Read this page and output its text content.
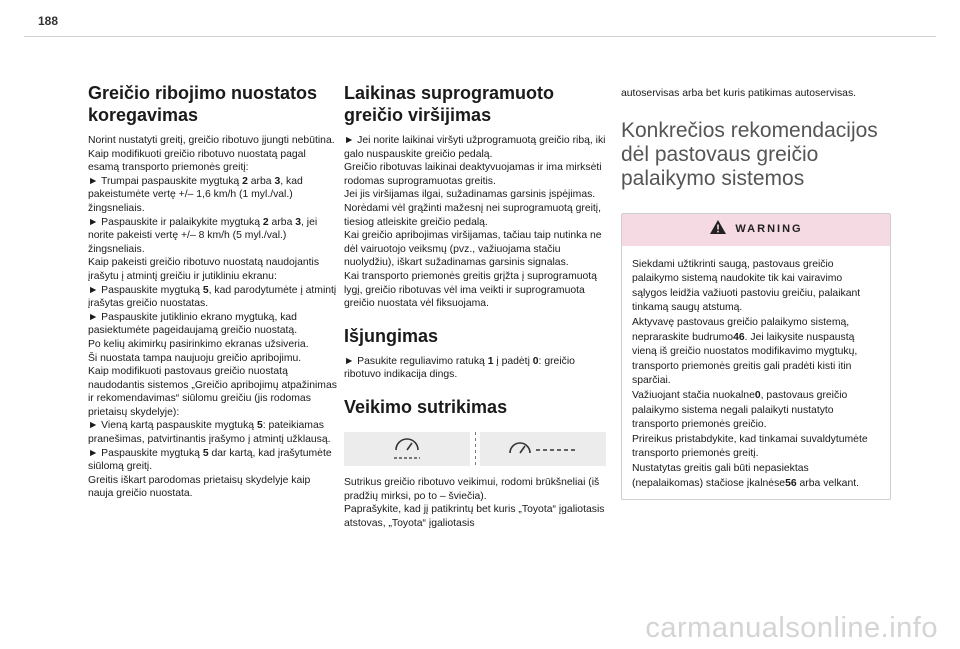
188
Greičio ribojimo nuostatos koregavimas

Norint nustatyti greitį, greičio ribotuvo įjungti nebūtina.

Kaip modifikuoti greičio ribotuvo nuostatą pagal esamą transporto priemonės greitį:

► Trumpai paspauskite mygtuką 2 arba 3, kad pakeistumėte vertę +/– 1,6 km/h (1 myl./val.) žingsneliais.

► Paspauskite ir palaikykite mygtuką 2 arba 3, jei norite pakeisti vertę +/– 8 km/h (5 myl./val.) žingsneliais.

Kaip pakeisti greičio ribotuvo nuostatą naudojantis įrašytu į atmintį greičiu ir jutikliniu ekranu:

► Paspauskite mygtuką 5, kad parodytumėte į atmintį įrašytas greičio nuostatas.

► Paspauskite jutiklinio ekrano mygtuką, kad pasiektumėte pageidaujamą greičio nuostatą.

Po kelių akimirkų pasirinkimo ekranas užsiveria.

Ši nuostata tampa naujuoju greičio apribojimu.

Kaip modifikuoti pastovaus greičio nuostatą naudodantis sistemos „Greičio apribojimų atpažinimas ir rekomendavimas“ siūlomu greičiu (jis rodomas prietaisų skydelyje):

► Vieną kartą paspauskite mygtuką 5: pateikiamas pranešimas, patvirtinantis įrašymo į atmintį užklausą.

► Paspauskite mygtuką 5 dar kartą, kad įrašytumėte siūlomą greitį.

Greitis iškart parodomas prietaisų skydelyje kaip nauja greičio nuostata.

Laikinas suprogramuoto greičio viršijimas

► Jei norite laikinai viršyti užprogramuotą greičio ribą, iki galo nuspauskite greičio pedalą.

Greičio ribotuvas laikinai deaktyvuojamas ir ima mirksėti rodomas suprogramuotas greitis.

Jei jis viršijamas ilgai, sužadinamas garsinis įspėjimas.

Norėdami vėl grąžinti mažesnį nei suprogramuotą greitį, tiesiog atleiskite greičio pedalą.

Kai greičio apribojimas viršijamas, tačiau taip nutinka ne dėl vairuotojo veiksmų (pvz., važiuojama stačiu nuolydžiu), iškart sužadinamas garsinis signalas.

Kai transporto priemonės greitis grįžta į suprogramuotą lygį, greičio ribotuvas vėl ima veikti ir suprogramuota greičio nuostata vėl fiksuojama.

Išjungimas

► Pasukite reguliavimo ratuką 1 į padėtį 0: greičio ribotuvo indikacija dings.

Veikimo sutrikimas

Sutrikus greičio ribotuvo veikimui, rodomi brūkšneliai (iš pradžių mirksi, po to – šviečia).

Paprašykite, kad jį patikrintų bet kuris „Toyota“ įgaliotasis atstovas, „Toyota“ įgaliotasis

autoservisas arba bet kuris patikimas autoservisas.

Konkrečios rekomendacijos dėl pastovaus greičio palaikymo sistemos
WARNING

Siekdami užtikrinti saugą, pastovaus greičio palaikymo sistemą naudokite tik kai vairavimo sąlygos leidžia važiuoti pastoviu greičiu, palaikant tinkamą saugų atstumą.

Aktyvavę pastovaus greičio palaikymo sistemą, nepraraskite budrumo46. Jei laikysite nuspaustą vieną iš greičio nuostatos modifikavimo mygtukų, transporto priemonės greitis gali pradėti kisti itin sparčiai.

Važiuojant stačia nuokalne0, pastovaus greičio palaikymo sistema negali palaikyti nustatyto transporto priemonės greičio.

Prireikus pristabdykite, kad tinkamai suvaldytumėte transporto priemonės greitį.

Nustatytas greitis gali būti nepasiektas (nepalaikomas) stačiose įkalnėse56 arba velkant.

carmanualsonline.info
